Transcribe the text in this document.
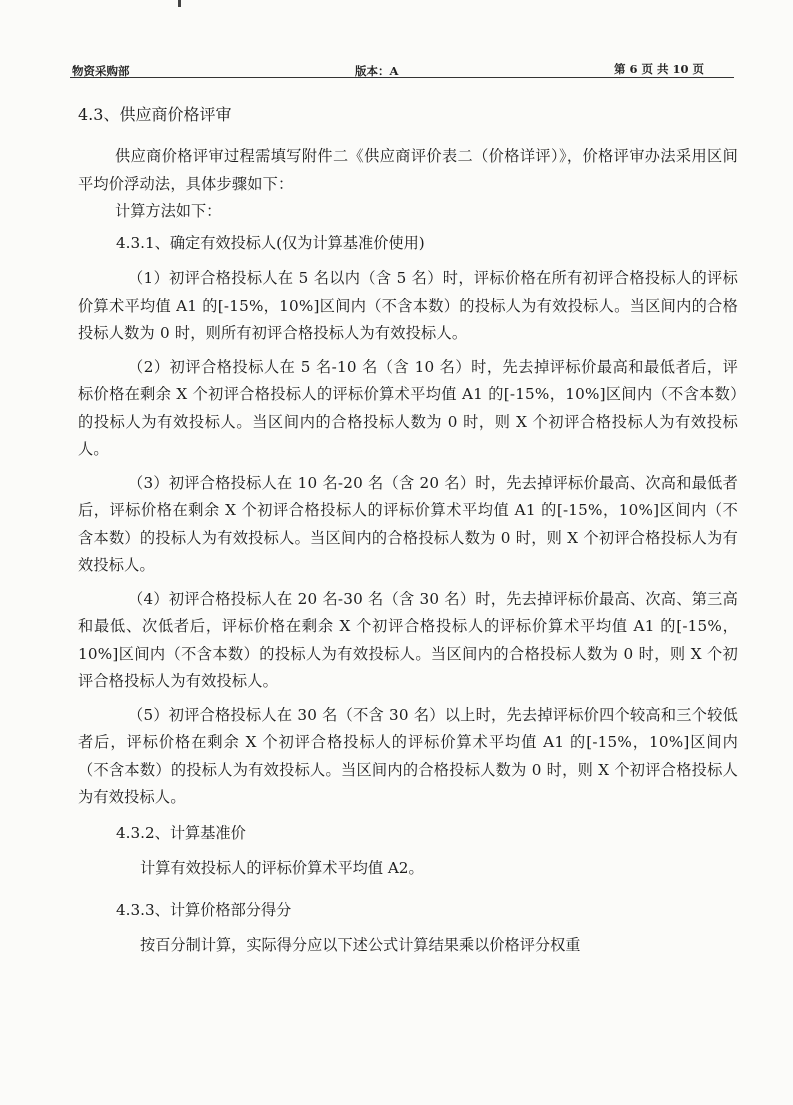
物资采购部	版本：A	第 6 页 共 10 页
4.3、供应商价格评审

供应商价格评审过程需填写附件二《供应商评价表二（价格详评）》，价格评审办法采用区间平均价浮动法，具体步骤如下：

计算方法如下：
4.3.1、确定有效投标人(仅为计算基准价使用)

（1）初评合格投标人在 5 名以内（含 5 名）时，评标价格在所有初评合格投标人的评标价算术平均值 A1 的[-15%，10%]区间内（不含本数）的投标人为有效投标人。当区间内的合格投标人数为 0 时，则所有初评合格投标人为有效投标人。

（2）初评合格投标人在 5 名-10 名（含 10 名）时，先去掉评标价最高和最低者后，评标价格在剩余 X 个初评合格投标人的评标价算术平均值 A1 的[-15%，10%]区间内（不含本数）的投标人为有效投标人。当区间内的合格投标人数为 0 时，则 X 个初评合格投标人为有效投标人。

（3）初评合格投标人在 10 名-20 名（含 20 名）时，先去掉评标价最高、次高和最低者后，评标价格在剩余 X 个初评合格投标人的评标价算术平均值 A1 的[-15%，10%]区间内（不含本数）的投标人为有效投标人。当区间内的合格投标人数为 0 时，则 X 个初评合格投标人为有效投标人。

（4）初评合格投标人在 20 名-30 名（含 30 名）时，先去掉评标价最高、次高、第三高和最低、次低者后，评标价格在剩余 X 个初评合格投标人的评标价算术平均值 A1 的[-15%，10%]区间内（不含本数）的投标人为有效投标人。当区间内的合格投标人数为 0 时，则 X 个初评合格投标人为有效投标人。

（5）初评合格投标人在 30 名（不含 30 名）以上时，先去掉评标价四个较高和三个较低者后，评标价格在剩余 X 个初评合格投标人的评标价算术平均值 A1 的[-15%，10%]区间内（不含本数）的投标人为有效投标人。当区间内的合格投标人数为 0 时，则 X 个初评合格投标人为有效投标人。

4.3.2、计算基准价
计算有效投标人的评标价算术平均值 A2。
4.3.3、计算价格部分得分
按百分制计算，实际得分应以下述公式计算结果乘以价格评分权重
